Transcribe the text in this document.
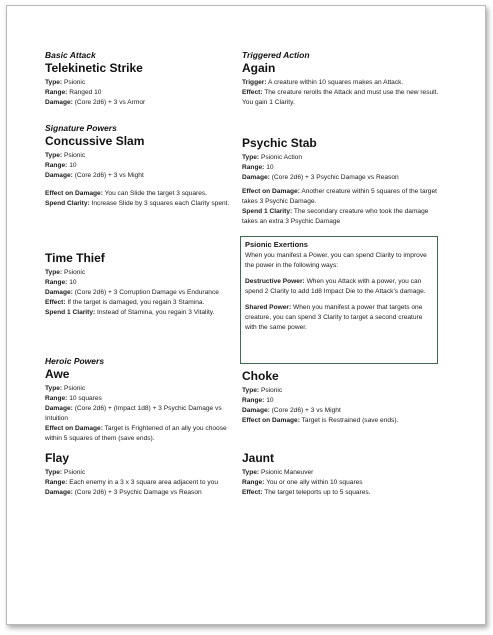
Basic Attack

Telekinetic Strike

Type: Psionic

Range: Ranged 10

Damage: (Core 2d6) + 3 vs Armor

Signature Powers

Concussive Slam

Type: Psionic

Range: 10

Damage: (Core 2d6) + 3 vs Might

Effect on Damage: You can Slide the target 3 squares.

Spend Clarity: Increase Slide by 3 squares each Clarity spent.

Time Thief

Type: Psionic

Range: 10

Damage: (Core 2d6) + 3 Corruption Damage vs Endurance

Effect: If the target is damaged, you regain 3 Stamina.

Spend 1 Clarity: Instead of Stamina, you regain 3 Vitality.

Heroic Powers

Awe

Type: Psionic

Range: 10 squares

Damage: (Core 2d6) + (Impact 1d8) + 3 Psychic Damage vs Intuition

Effect on Damage: Target is Frightened of an ally you choose within 5 squares of them (save ends).

Flay

Type: Psionic

Range: Each enemy in a 3 x 3 square area adjacent to you

Damage: (Core 2d6) + 3 Psychic Damage vs Reason

Triggered Action

Again

Trigger: A creature within 10 squares makes an Attack.

Effect: The creature rerolls the Attack and must use the new result. You gain 1 Clarity.

Psychic Stab

Type: Psionic Action

Range: 10

Damage: (Core 2d6) + 3 Psychic Damage vs Reason

Effect on Damage: Another creature within 5 squares of the target takes 3 Psychic Damage.

Spend 1 Clarity: The secondary creature who took the damage takes an extra 3 Psychic Damage

Psionic Exertions

When you manifest a Power, you can spend Clarity to improve the power in the following ways:

Destructive Power: When you Attack with a power, you can spend 2 Clarity to add 1d8 Impact Die to the Attack’s damage.

Shared Power: When you manifest a power that targets one creature, you can spend 3 Clarity to target a second creature with the same power.

Choke

Type: Psionic

Range: 10

Damage: (Core 2d6) + 3 vs Might

Effect on Damage: Target is Restrained (save ends).

Jaunt

Type: Psionic Maneuver

Range: You or one ally within 10 squares

Effect: The target teleports up to 5 squares.
